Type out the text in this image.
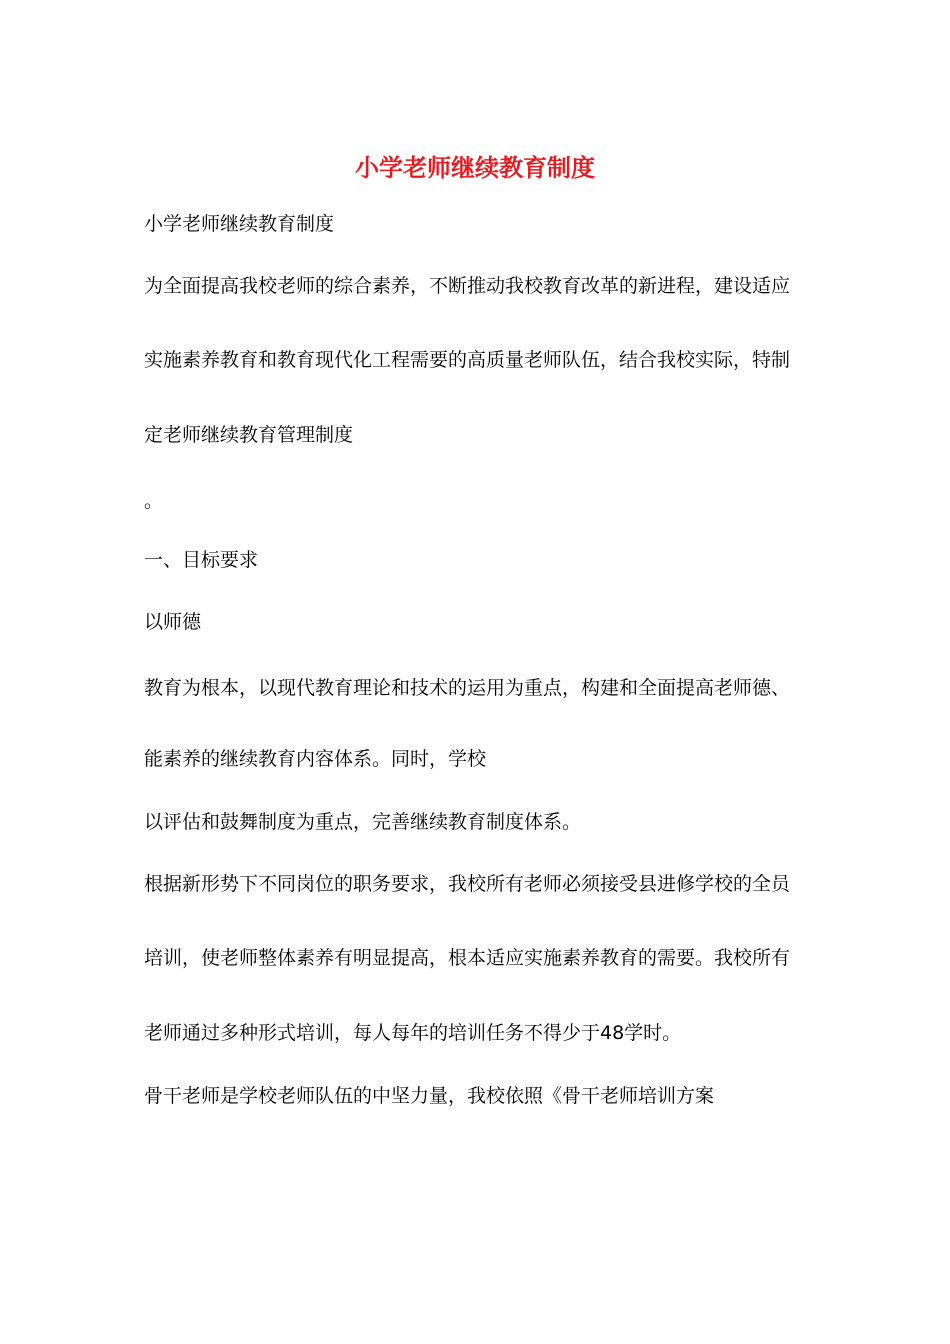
小学老师继续教育制度

小学老师继续教育制度

为全面提高我校老师的综合素养，不断推动我校教育改革的新进程，建设适应

实施素养教育和教育现代化工程需要的高质量老师队伍，结合我校实际，特制

定老师继续教育管理制度

。

一、目标要求

以师德

教育为根本，以现代教育理论和技术的运用为重点，构建和全面提高老师德、

能素养的继续教育内容体系。同时，学校

以评估和鼓舞制度为重点，完善继续教育制度体系。

根据新形势下不同岗位的职务要求，我校所有老师必须接受县进修学校的全员

培训，使老师整体素养有明显提高，根本适应实施素养教育的需要。我校所有

老师通过多种形式培训，每人每年的培训任务不得少于48学时。

骨干老师是学校老师队伍的中坚力量，我校依照《骨干老师培训方案
